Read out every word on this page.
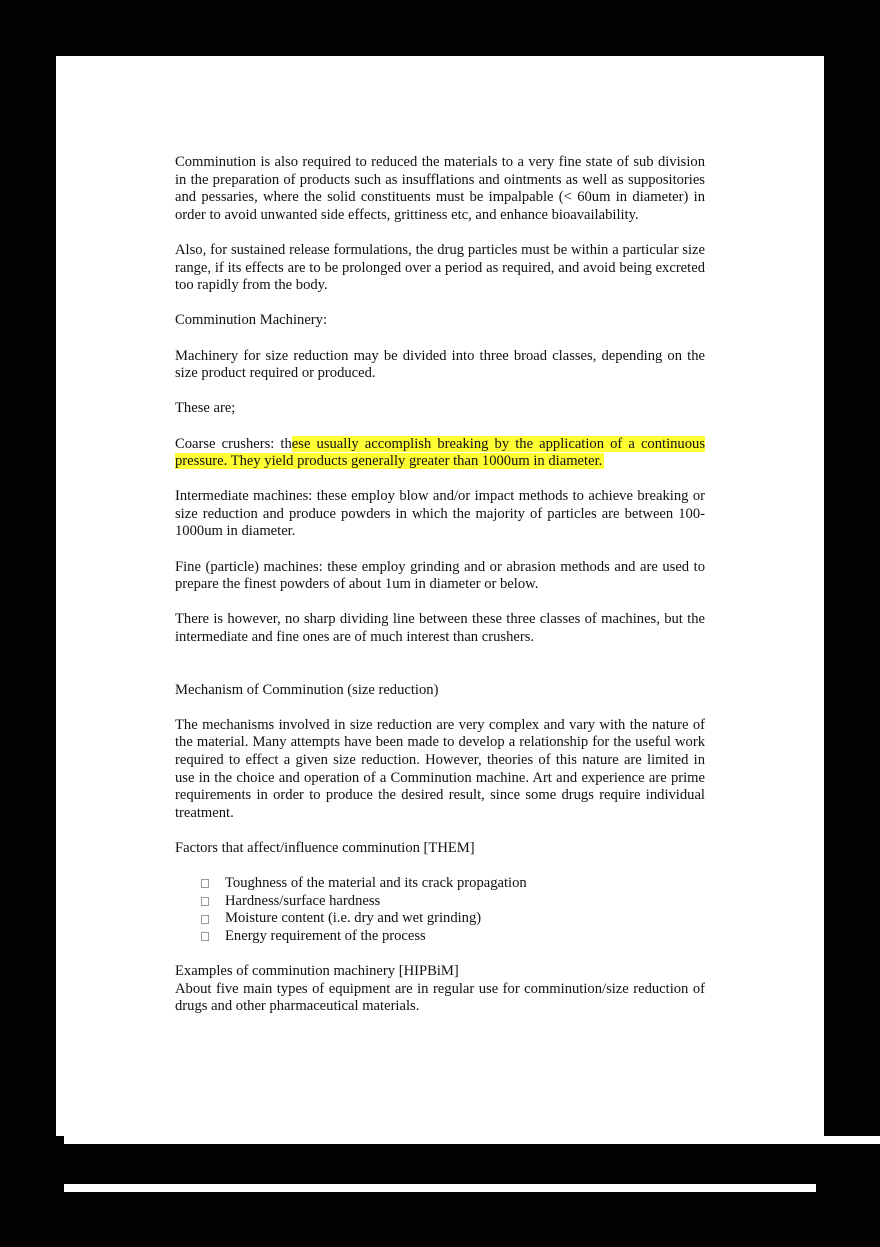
Comminution is also required to reduced the materials to a very fine state of sub division in the preparation of products such as insufflations and ointments as well as suppositories and pessaries, where the solid constituents must be impalpable (< 60um in diameter) in order to avoid unwanted side effects, grittiness etc, and enhance bioavailability.

Also, for sustained release formulations, the drug particles must be within a particular size range, if its effects are to be prolonged over a period as required, and avoid being excreted too rapidly from the body.

Comminution Machinery:

Machinery for size reduction may be divided into three broad classes, depending on the size product required or produced.

These are;

Coarse crushers: these usually accomplish breaking by the application of a continuous pressure. They yield products generally greater than 1000um in diameter.

Intermediate machines: these employ blow and/or impact methods to achieve breaking or size reduction and produce powders in which the majority of particles are between 100-1000um in diameter.

Fine (particle) machines: these employ grinding and or abrasion methods and are used to prepare the finest powders of about 1um in diameter or below.

There is however, no sharp dividing line between these three classes of machines, but the intermediate and fine ones are of much interest than crushers.

Mechanism of Comminution (size reduction)

The mechanisms involved in size reduction are very complex and vary with the nature of the material. Many attempts have been made to develop a relationship for the useful work required to effect a given size reduction. However, theories of this nature are limited in use in the choice and operation of a Comminution machine. Art and experience are prime requirements in order to produce the desired result, since some drugs require individual treatment.

Factors that affect/influence comminution [THEM]

Toughness of the material and its crack propagation
Hardness/surface hardness
Moisture content (i.e. dry and wet grinding)
Energy requirement of the process

Examples of comminution machinery [HIPBiM]

About five main types of equipment are in regular use for comminution/size reduction of drugs and other pharmaceutical materials.
